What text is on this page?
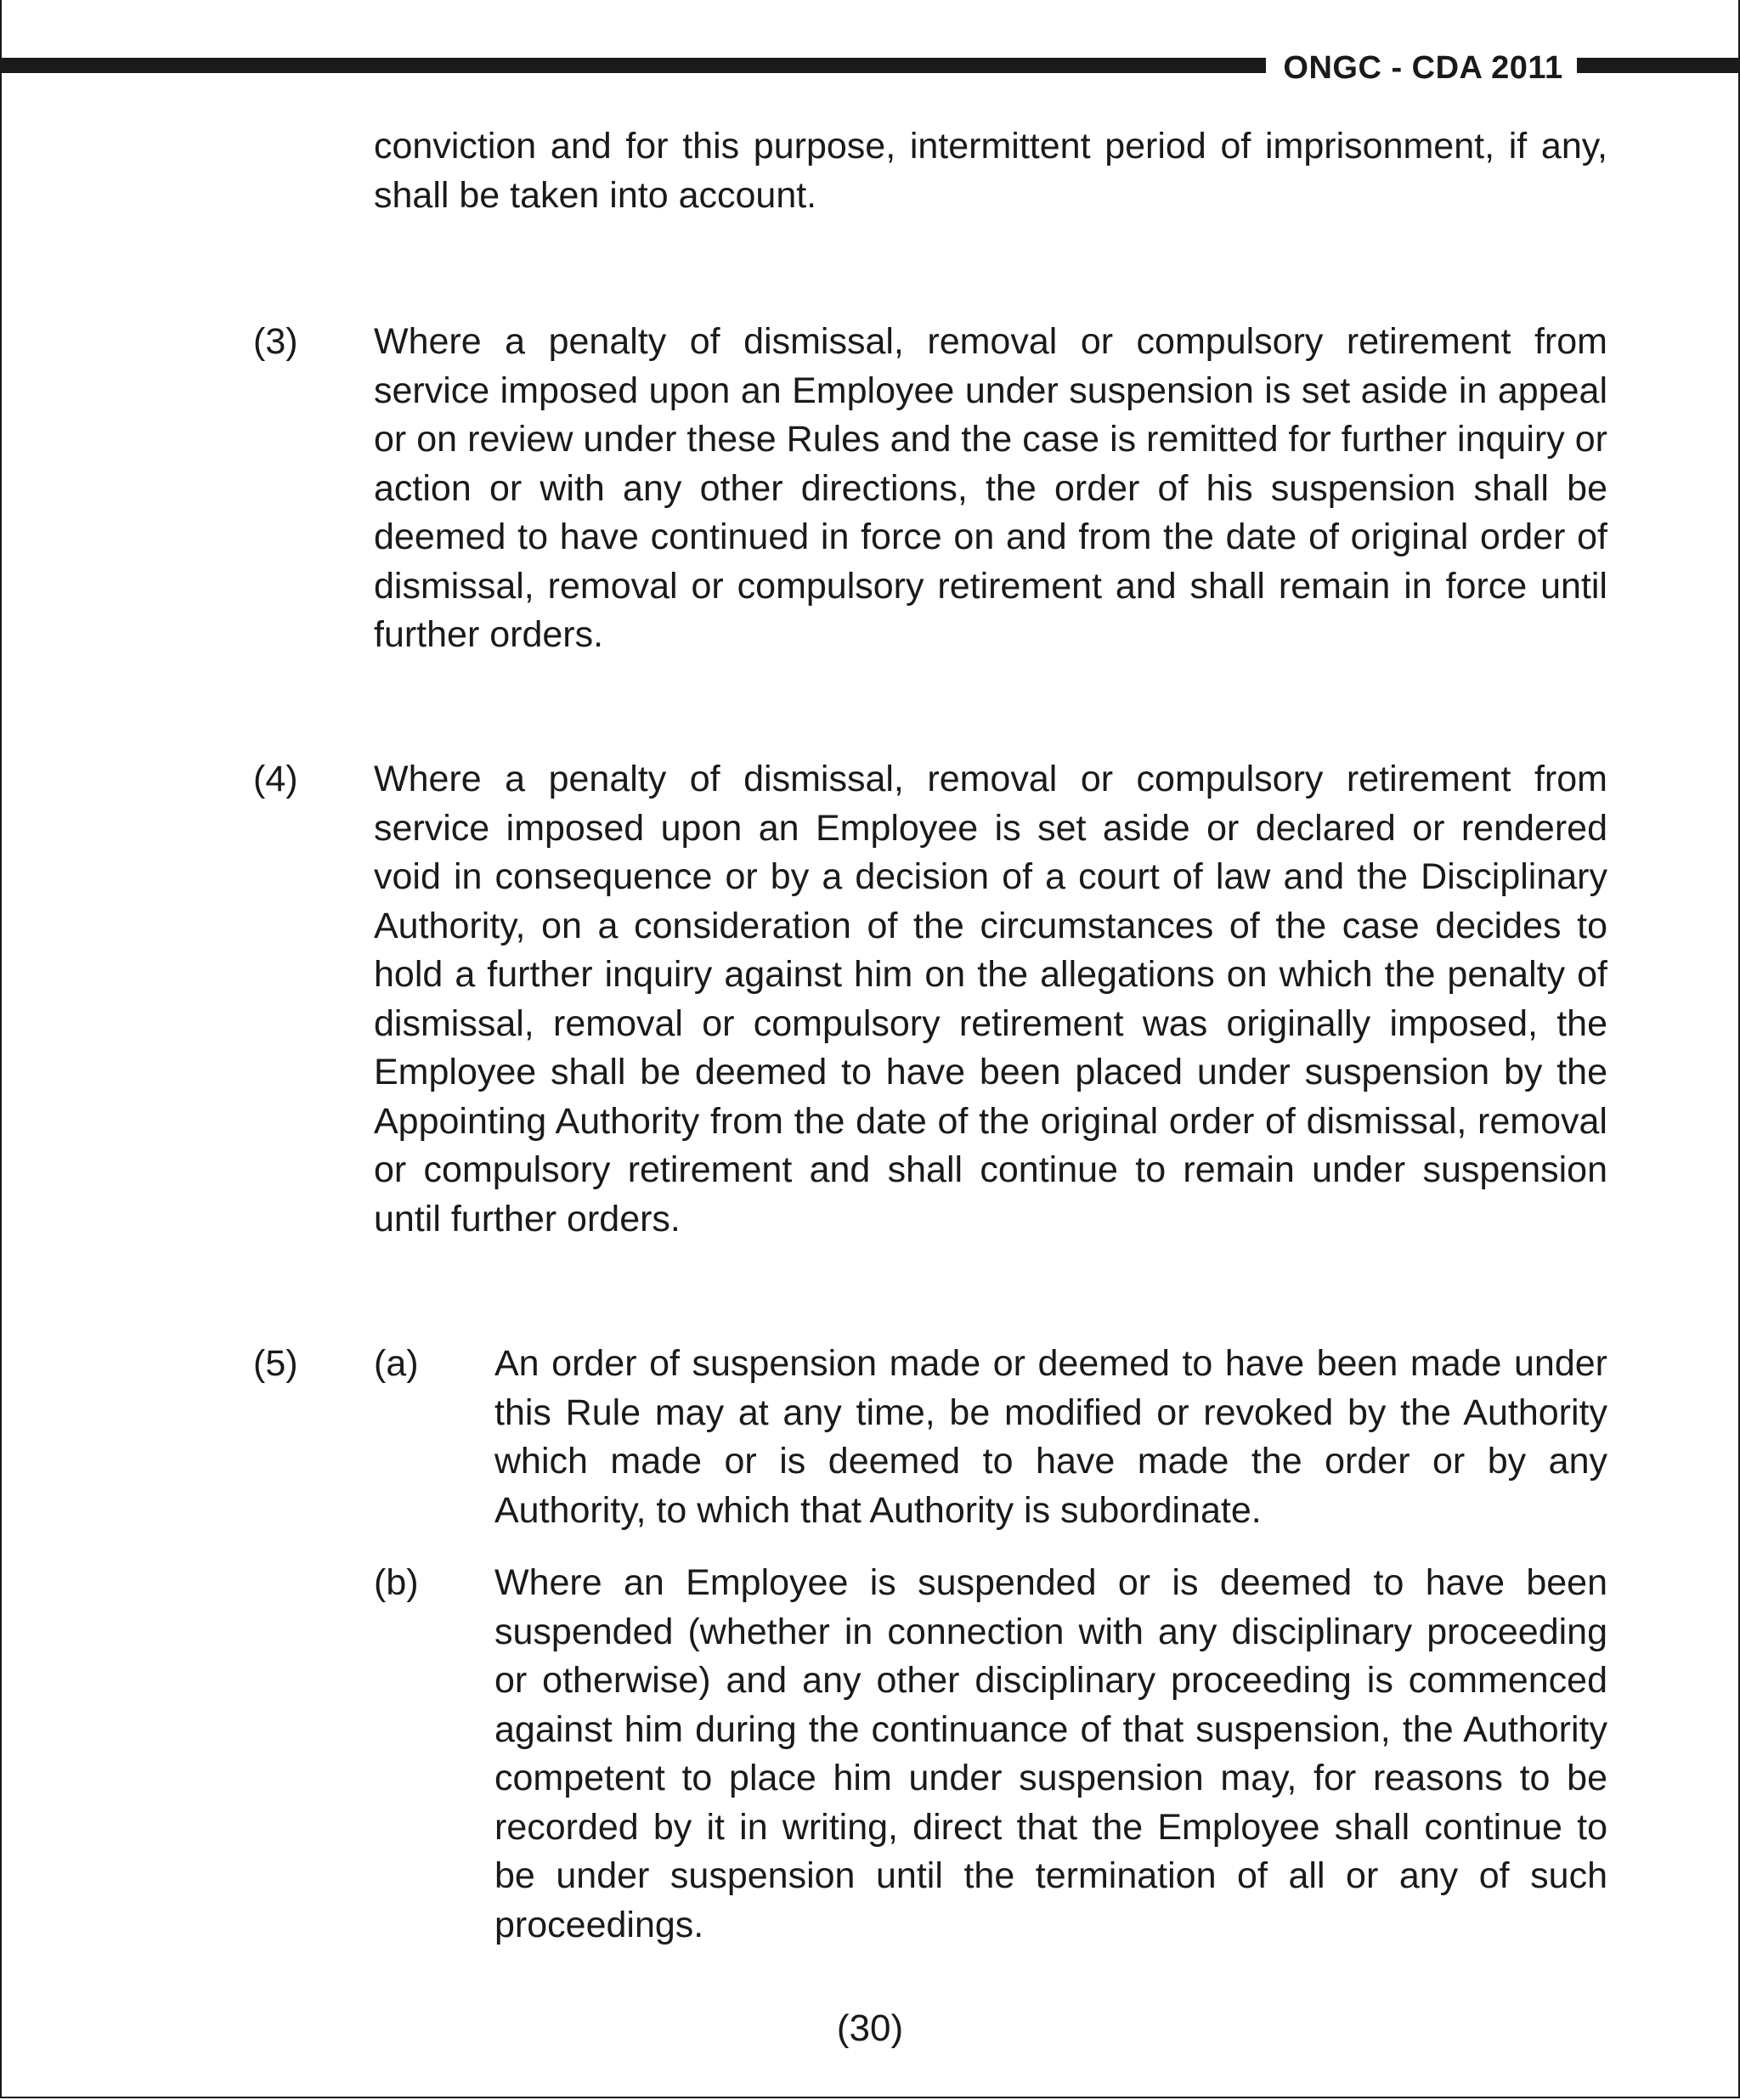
ONGC - CDA 2011
conviction and for this purpose, intermittent period of imprisonment, if any, shall be taken into account.
(3) Where a penalty of dismissal, removal or compulsory retirement from service imposed upon an Employee under suspension is set aside in appeal or on review under these Rules and the case is remitted for further inquiry or action or with any other directions, the order of his suspension shall be deemed to have continued in force on and from the date of original order of dismissal, removal or compulsory retirement and shall remain in force until further orders.
(4) Where a penalty of dismissal, removal or compulsory retirement from service imposed upon an Employee is set aside or declared or rendered void in consequence or by a decision of a court of law and the Disciplinary Authority, on a consideration of the circumstances of the case decides to hold a further inquiry against him on the allegations on which the penalty of dismissal, removal or compulsory retirement was originally imposed, the Employee shall be deemed to have been placed under suspension by the Appointing Authority from the date of the original order of dismissal, removal or compulsory retirement and shall continue to remain under suspension until further orders.
(5) (a) An order of suspension made or deemed to have been made under this Rule may at any time, be modified or revoked by the Authority which made or is deemed to have made the order or by any Authority, to which that Authority is subordinate.
(b) Where an Employee is suspended or is deemed to have been suspended (whether in connection with any disciplinary proceeding or otherwise) and any other disciplinary proceeding is commenced against him during the continuance of that suspension, the Authority competent to place him under suspension may, for reasons to be recorded by it in writing, direct that the Employee shall continue to be under suspension until the termination of all or any of such proceedings.
(30)
